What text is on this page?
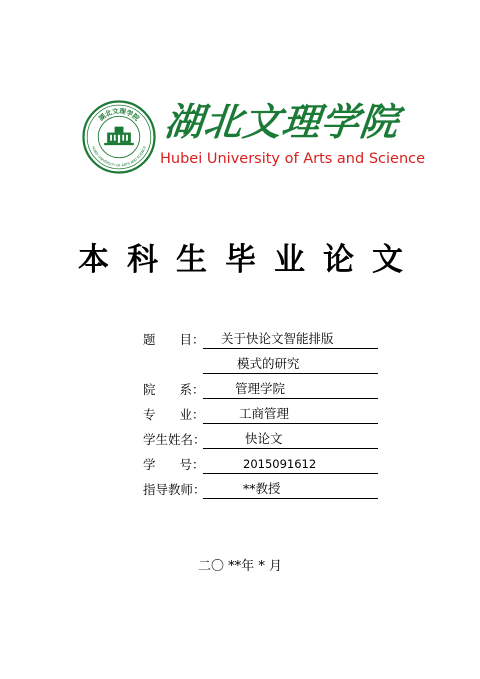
湖北文理学院
HUBEI UNIVERSITY OF ARTS AND SCIENCE
湖北文理学院
Hubei University of Arts and Science
本科生毕业论文
题 目：	关于快论文智能排版
模式的研究
院 系：	管理学院
专 业：	工商管理
学生姓名：	快论文
学 号：	2015091612
指导教师：	**教授
二〇 **年 * 月
